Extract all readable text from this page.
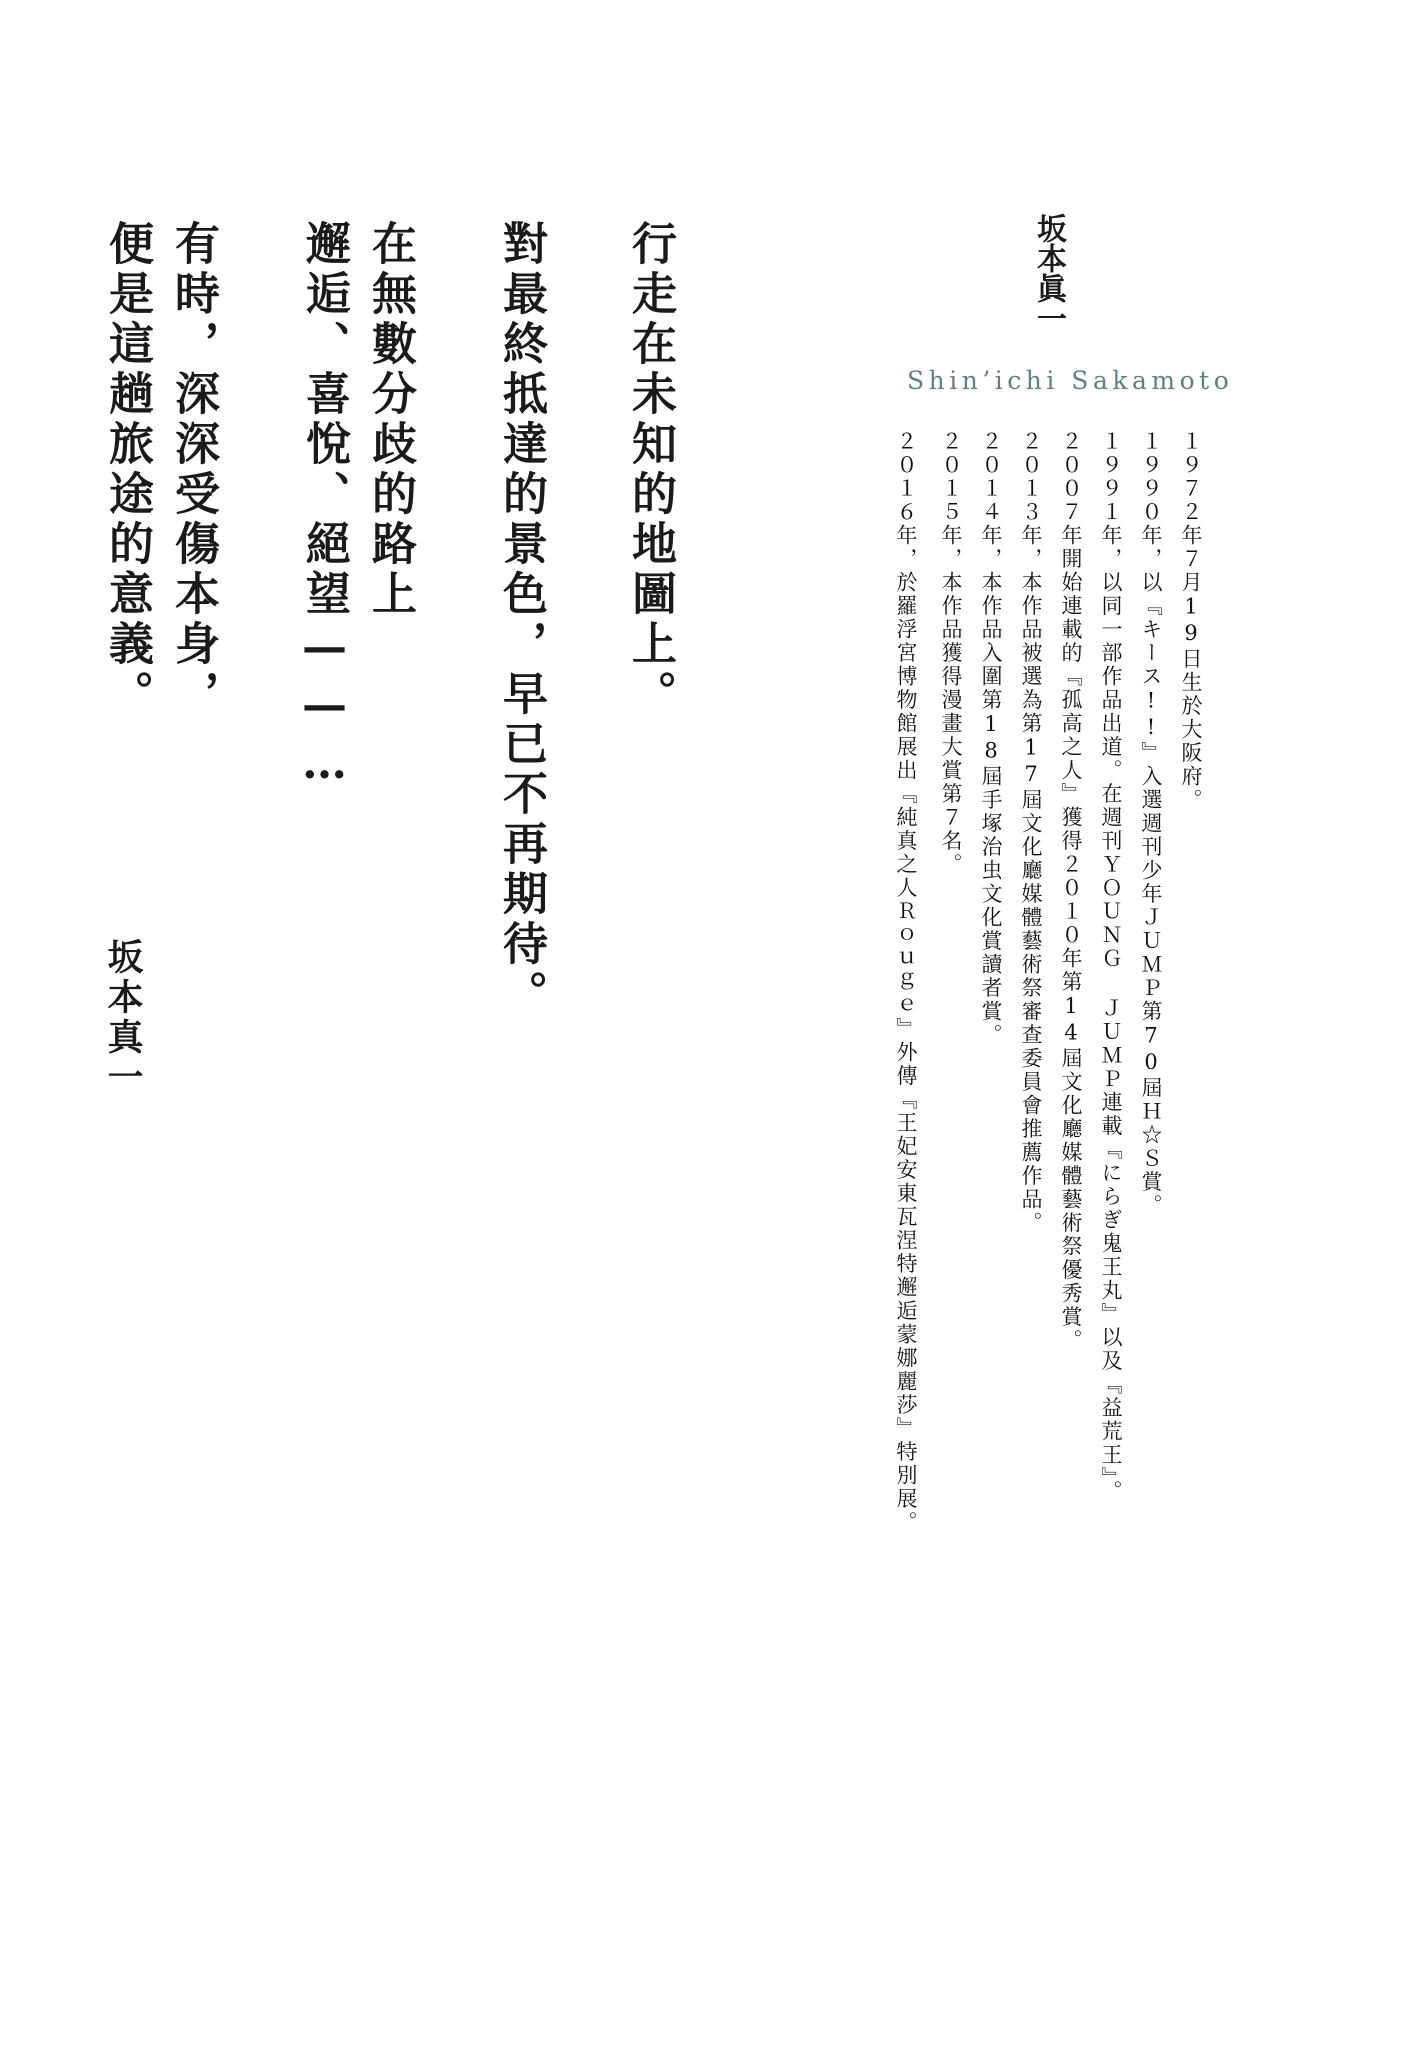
行走在未知的地圖上。
對最終抵達的景色，早已不再期待。
在無數分歧的路上
邂逅、喜悅、絕望——…
有時，深深受傷本身，
便是這趟旅途的意義。
坂本真一
坂本眞一
Shin’ichi Sakamoto
１９７２年７月19日生於大阪府。
１９９０年，以『キース!!』入選週刊少年ＪＵＭＰ第70屆Ｈ☆Ｓ賞。
１９９１年，以同一部作品出道。在週刊ＹＯＵＮＧ ＪＵＭＰ連載『にらぎ鬼王丸』以及『益荒王』。
２００７年開始連載的『孤高之人』獲得２０１０年第14屆文化廳媒體藝術祭優秀賞。
２０１３年，本作品被選為第17屆文化廳媒體藝術祭審查委員會推薦作品。
２０１４年，本作品入圍第18屆手塚治虫文化賞讀者賞。
２０１５年，本作品獲得漫畫大賞第７名。
２０１６年，於羅浮宮博物館展出『純真之人Ｒｏｕｇｅ』外傳『王妃安東瓦涅特邂逅蒙娜麗莎』特別展。
